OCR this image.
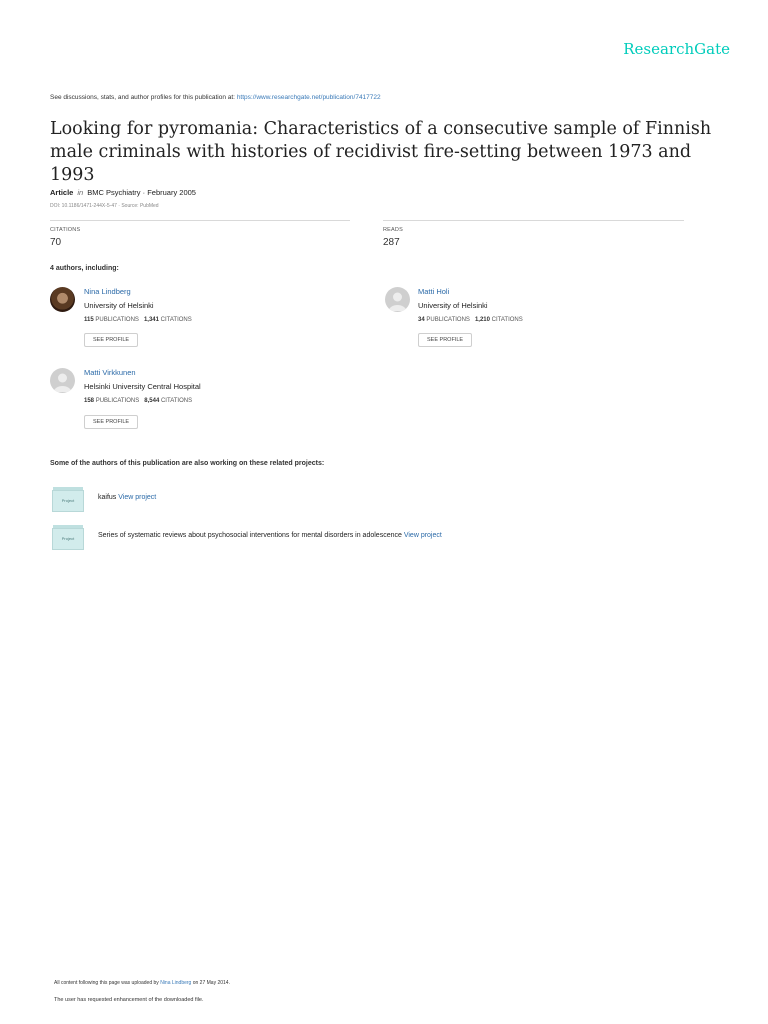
ResearchGate
See discussions, stats, and author profiles for this publication at: https://www.researchgate.net/publication/7417722
Looking for pyromania: Characteristics of a consecutive sample of Finnish male criminals with histories of recidivist fire-setting between 1973 and 1993
Article in BMC Psychiatry · February 2005
DOI: 10.1186/1471-244X-5-47 · Source: PubMed
CITATIONS
70
READS
287
4 authors, including:
Nina Lindberg
University of Helsinki
115 PUBLICATIONS 1,341 CITATIONS
SEE PROFILE
Matti Holi
University of Helsinki
34 PUBLICATIONS 1,210 CITATIONS
SEE PROFILE
Matti Virkkunen
Helsinki University Central Hospital
158 PUBLICATIONS 8,544 CITATIONS
SEE PROFILE
Some of the authors of this publication are also working on these related projects:
Project	kaifus View project
Project	Series of systematic reviews about psychosocial interventions for mental disorders in adolescence View project
All content following this page was uploaded by Nina Lindberg on 27 May 2014.
The user has requested enhancement of the downloaded file.
